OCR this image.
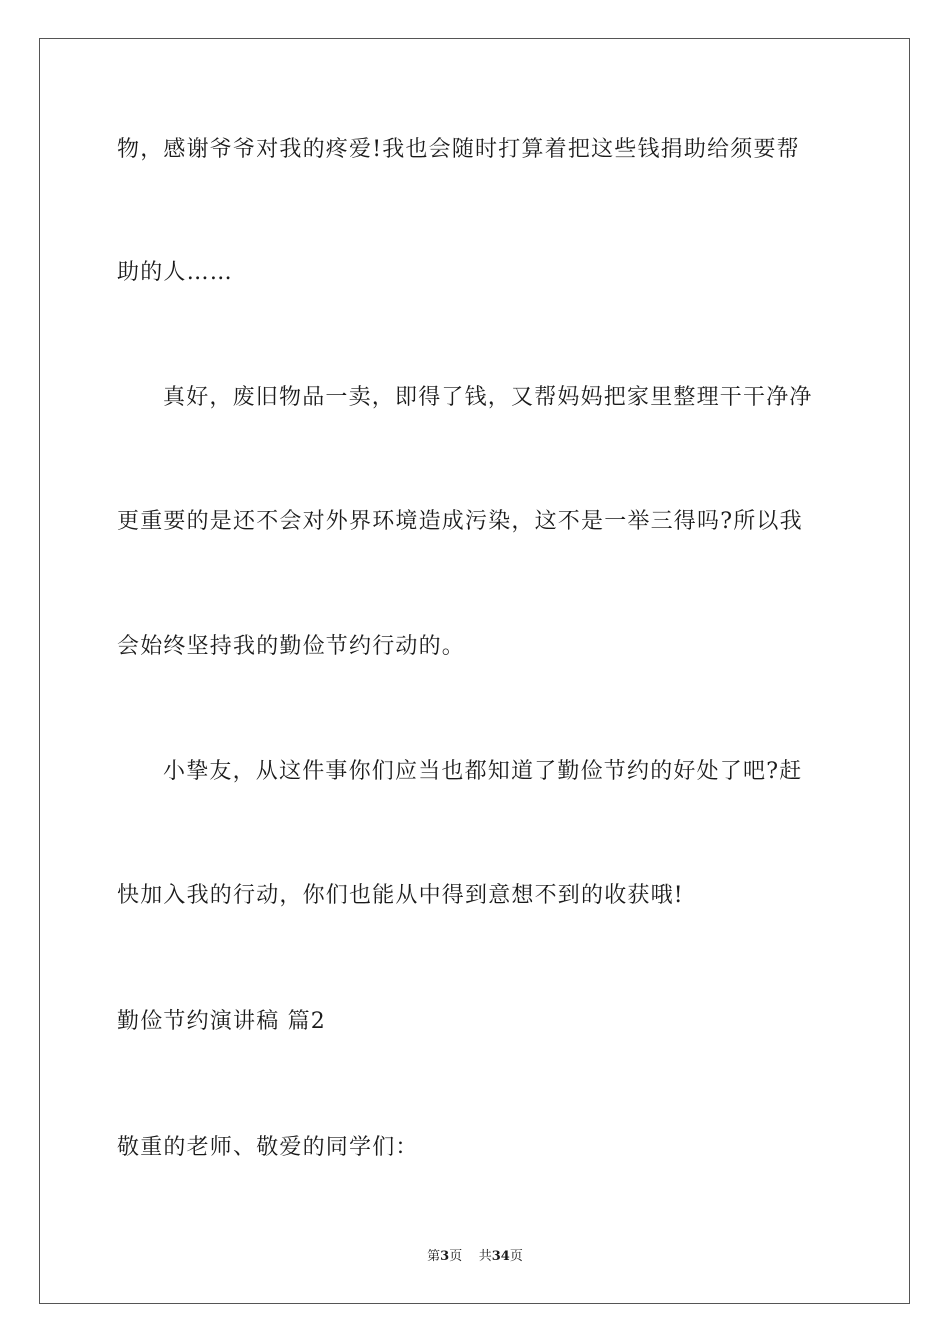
物，感谢爷爷对我的疼爱!我也会随时打算着把这些钱捐助给须要帮
助的人……
真好，废旧物品一卖，即得了钱，又帮妈妈把家里整理干干净净
更重要的是还不会对外界环境造成污染，这不是一举三得吗?所以我
会始终坚持我的勤俭节约行动的。
小挚友，从这件事你们应当也都知道了勤俭节约的好处了吧?赶
快加入我的行动，你们也能从中得到意想不到的收获哦!
勤俭节约演讲稿 篇2
敬重的老师、敬爱的同学们：
第3页 共34页
